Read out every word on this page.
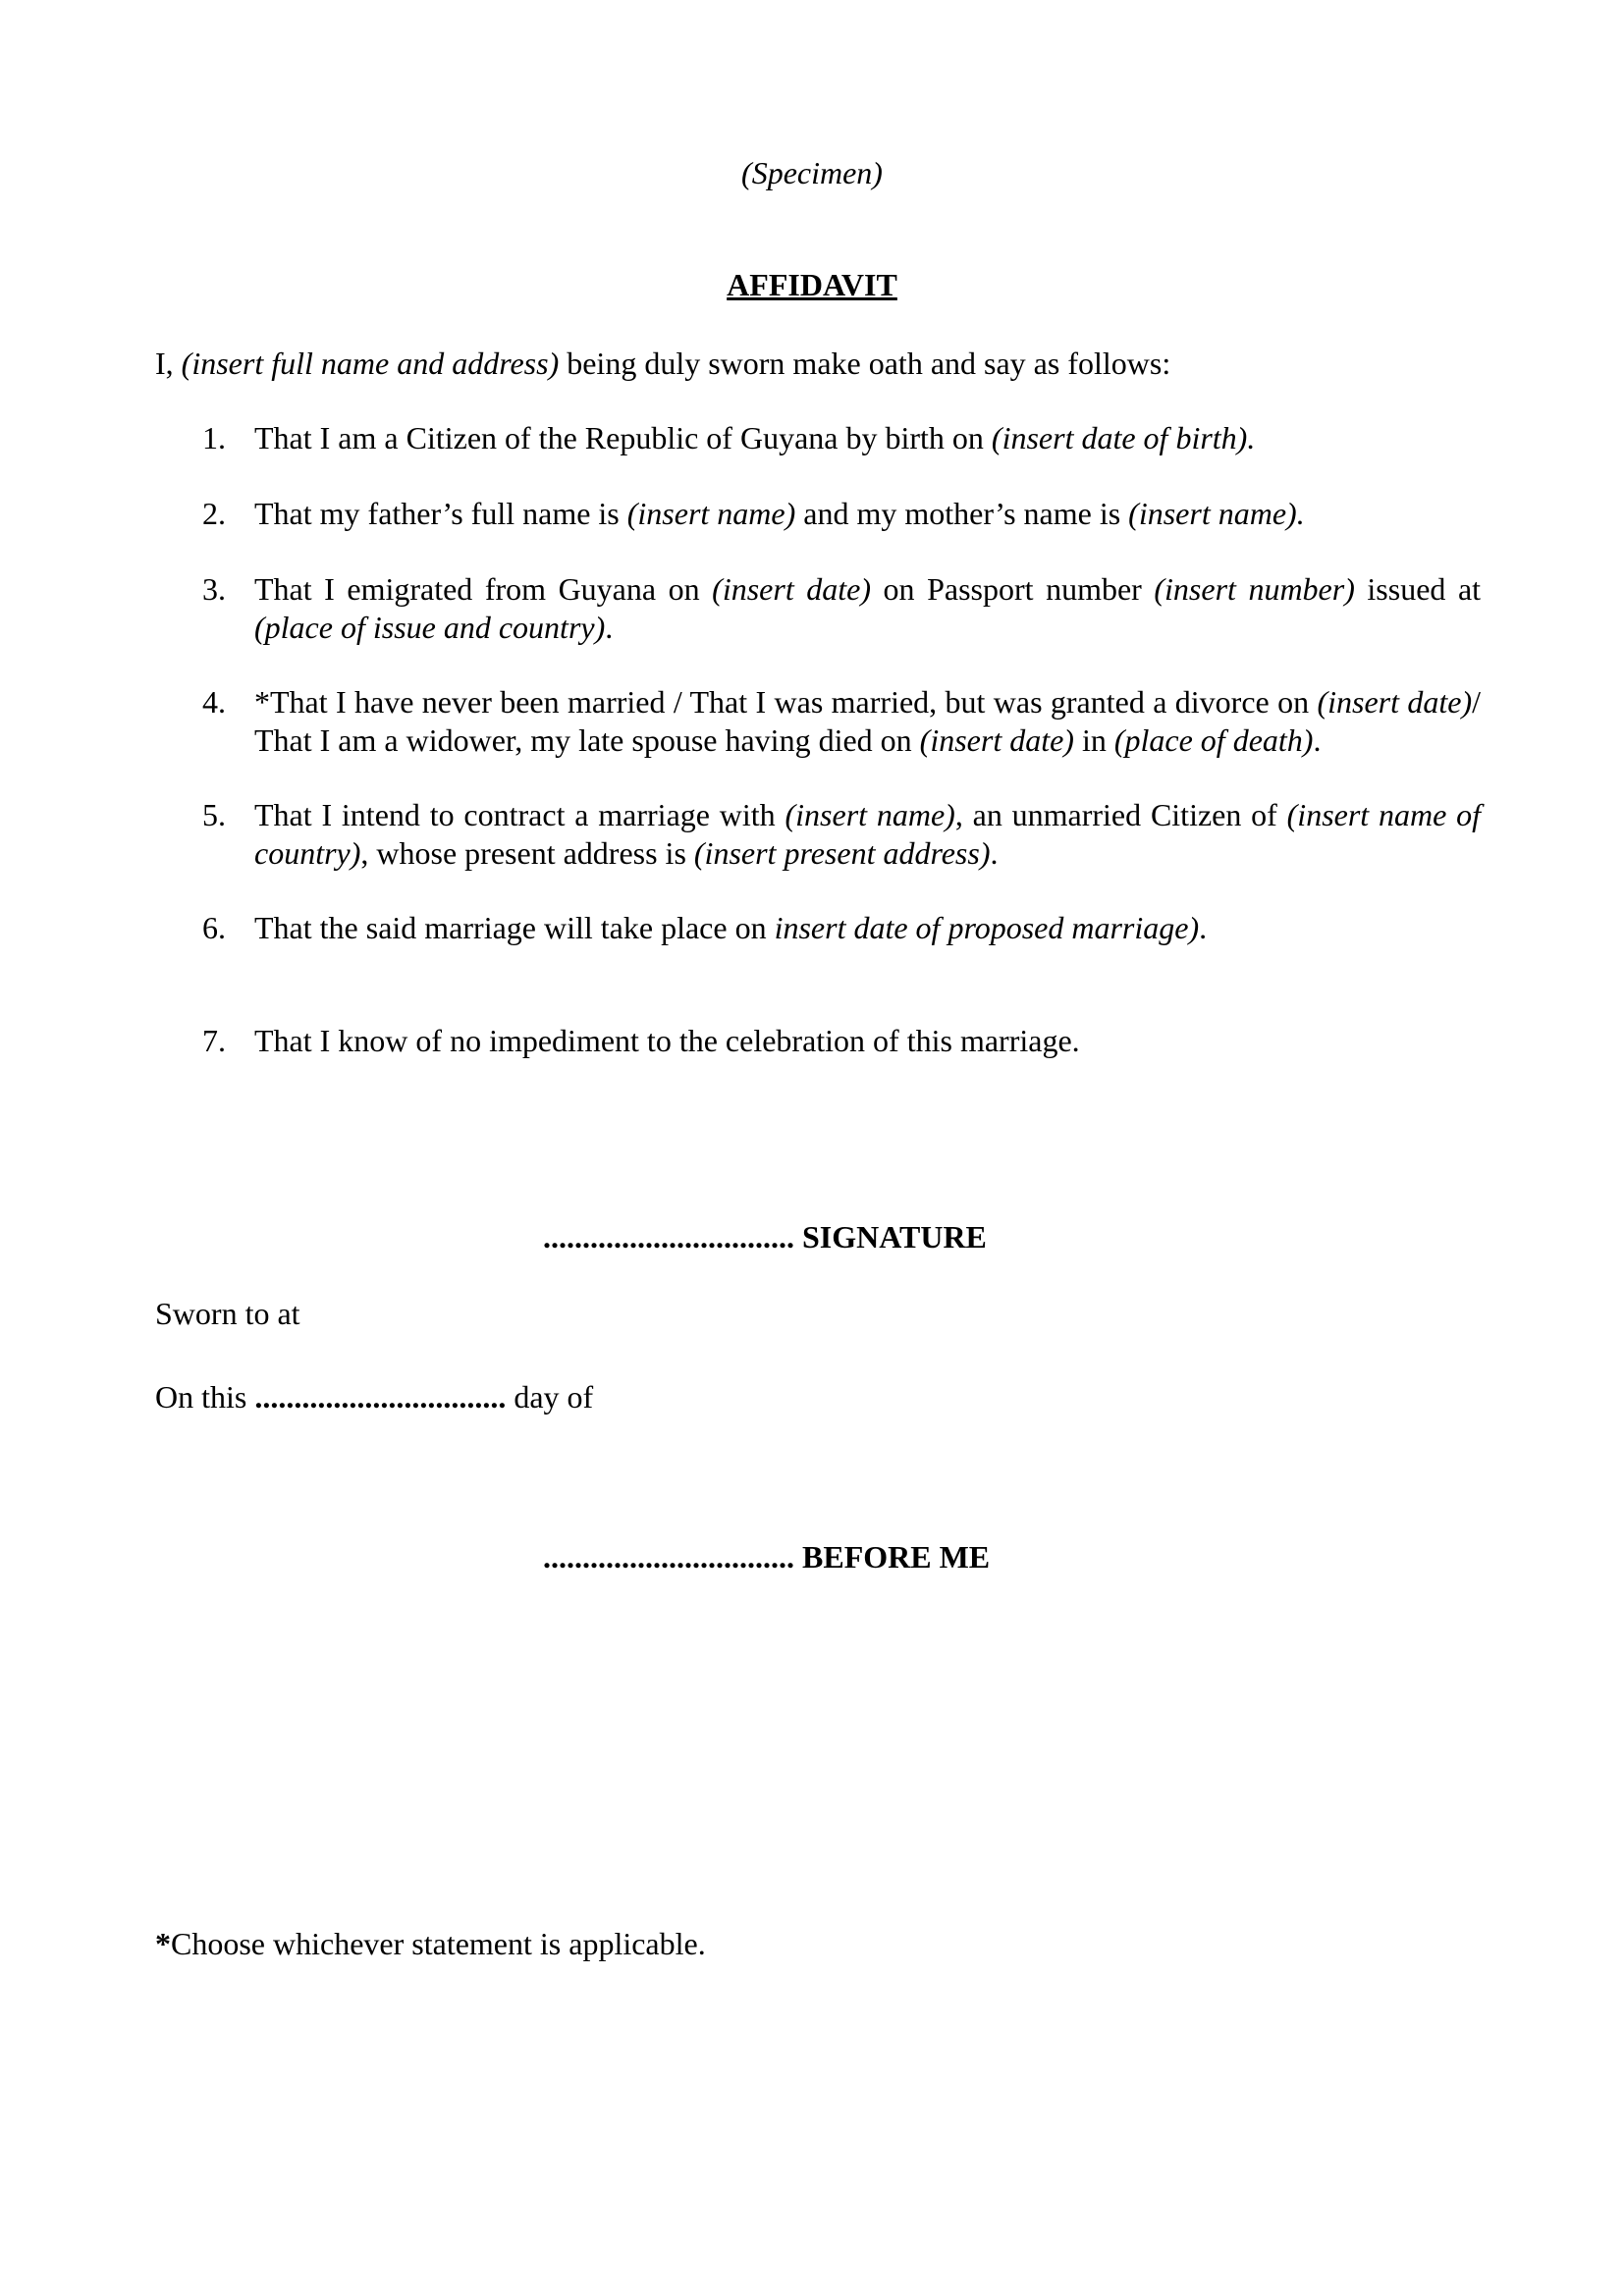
(Specimen)
AFFIDAVIT
I, (insert full name and address) being duly sworn make oath and say as follows:
1. That I am a Citizen of the Republic of Guyana by birth on (insert date of birth).
2. That my father’s full name is (insert name) and my mother’s name is (insert name).
3. That I emigrated from Guyana on (insert date) on Passport number (insert number) issued at (place of issue and country).
4. *That I have never been married / That I was married, but was granted a divorce on (insert date)/ That I am a widower, my late spouse having died on (insert date) in (place of death).
5. That I intend to contract a marriage with (insert name), an unmarried Citizen of (insert name of country), whose present address is (insert present address).
6. That the said marriage will take place on insert date of proposed marriage).
7. That I know of no impediment to the celebration of this marriage.
................................ SIGNATURE
Sworn to at
On this ................................ day of
................................ BEFORE ME
*Choose whichever statement is applicable.
